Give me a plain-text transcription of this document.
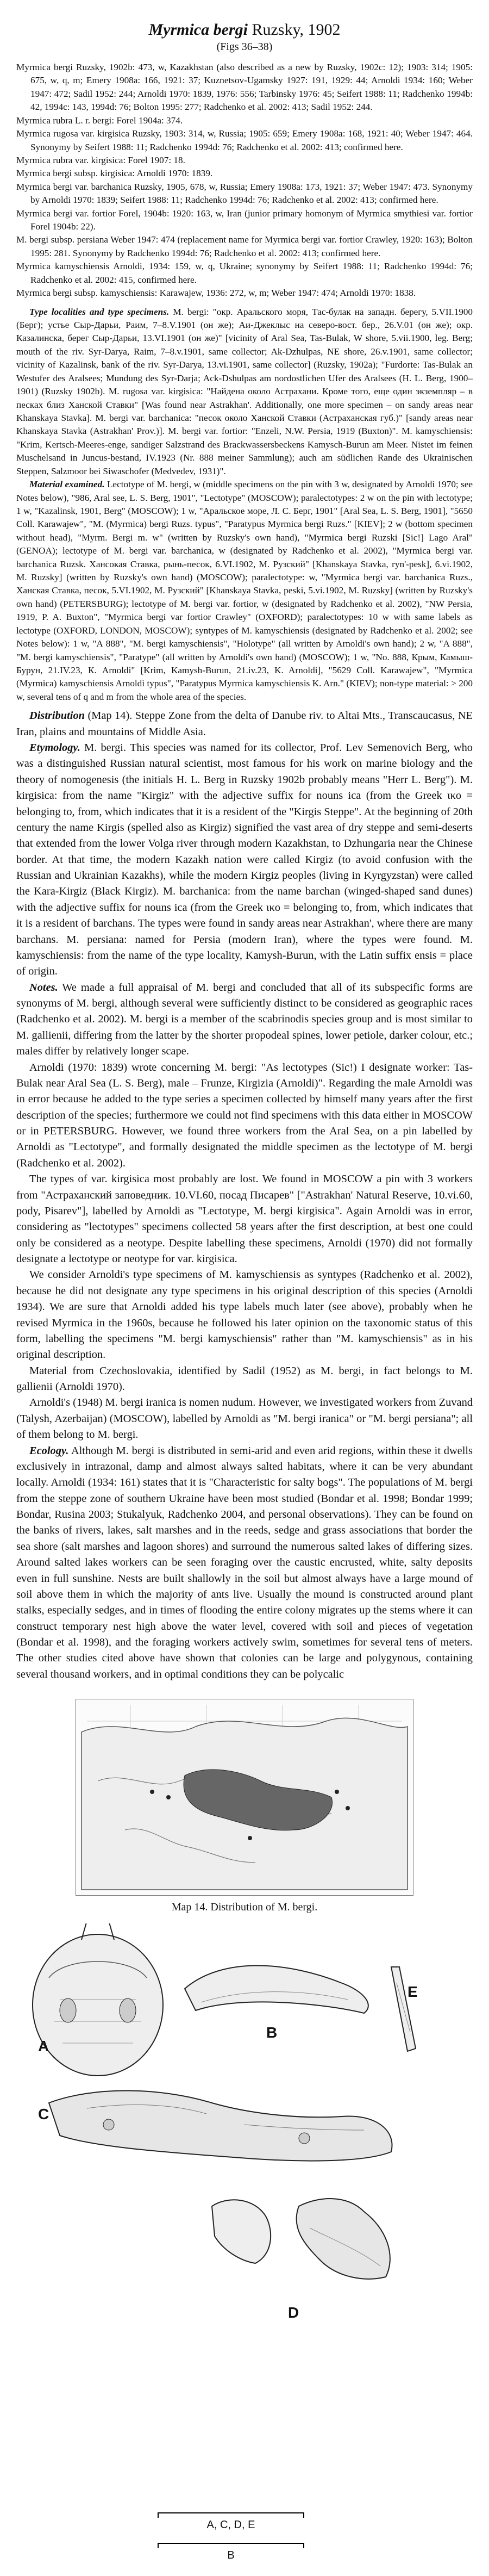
Myrmica bergi Ruzsky, 1902
(Figs 36–38)

Myrmica bergi Ruzsky, 1902b: 473, w, Kazakhstan (also described as a new by Ruzsky, 1902c: 12); 1903: 314; 1905: 675, w, q, m; Emery 1908a: 166, 1921: 37; Kuznetsov-Ugamsky 1927: 191, 1929: 44; Arnoldi 1934: 160; Weber 1947: 472; Sadil 1952: 244; Arnoldi 1970: 1839, 1976: 556; Tarbinsky 1976: 45; Seifert 1988: 11; Radchenko 1994b: 42, 1994c: 143, 1994d: 76; Bolton 1995: 277; Radchenko et al. 2002: 413; Sadil 1952: 244.

Myrmica rubra L. r. bergi: Forel 1904a: 374.

Myrmica rugosa var. kirgisica Ruzsky, 1903: 314, w, Russia; 1905: 659; Emery 1908a: 168, 1921: 40; Weber 1947: 464. Synonymy by Seifert 1988: 11; Radchenko 1994d: 76; Radchenko et al. 2002: 413; confirmed here.

Myrmica rubra var. kirgisica: Forel 1907: 18.

Myrmica bergi subsp. kirgisica: Arnoldi 1970: 1839.

Myrmica bergi var. barchanica Ruzsky, 1905, 678, w, Russia; Emery 1908a: 173, 1921: 37; Weber 1947: 473. Synonymy by Arnoldi 1970: 1839; Seifert 1988: 11; Radchenko 1994d: 76; Radchenko et al. 2002: 413; confirmed here.

Myrmica bergi var. fortior Forel, 1904b: 1920: 163, w, Iran (junior primary homonym of Myrmica smythiesi var. fortior Forel 1904b: 22).

M. bergi subsp. persiana Weber 1947: 474 (replacement name for Myrmica bergi var. fortior Crawley, 1920: 163); Bolton 1995: 281. Synonymy by Radchenko 1994d: 76; Radchenko et al. 2002: 413; confirmed here.

Myrmica kamyschiensis Arnoldi, 1934: 159, w, q, Ukraine; synonymy by Seifert 1988: 11; Radchenko 1994d: 76; Radchenko et al. 2002: 415, confirmed here.

Myrmica bergi subsp. kamyschiensis: Karawajew, 1936: 272, w, m; Weber 1947: 474; Arnoldi 1970: 1838.

Type localities and type specimens. M. bergi: "окр. Аральского моря, Тас-булак на западн. берегу, 5.VII.1900 (Берг); устье Сыр-Дарьи, Раим, 7–8.V.1901 (он же); Аи-Джеклыс на северо-вост. бер., 26.V.01 (он же); окр. Казалинска, берег Сыр-Дарьи, 13.VI.1901 (он же)" [vicinity of Aral Sea, Tas-Bulak, W shore, 5.vii.1900, leg. Berg; mouth of the riv. Syr-Darya, Raim, 7–8.v.1901, same collector; Ak-Dzhulpas, NE shore, 26.v.1901, same collector; vicinity of Kazalinsk, bank of the riv. Syr-Darya, 13.vi.1901, same collector] (Ruzsky, 1902a); "Furdorte: Tas-Bulak an Westufer des Aralsees; Mundung des Syr-Darja; Ack-Dshulpas am nordostlichen Ufer des Aralsees (H. L. Berg, 1900–1901) (Ruzsky 1902b). M. rugosa var. kirgisica: "Найдена около Астрахани. Кроме того, еще один экземпляр – в песках близ Ханской Ставки" [Was found near Astrakhan'. Additionally, one more specimen – on sandy areas near Khanskaya Stavka]. M. bergi var. barchanica: "песок около Ханской Ставки (Астраханская губ.)" [sandy areas near Khanskaya Stavka (Astrakhan' Prov.)]. M. bergi var. fortior: "Enzeli, N.W. Persia, 1919 (Buxton)". M. kamyschiensis: "Krim, Kertsch-Meeres-enge, sandiger Salzstrand des Brackwassersbeckens Kamysch-Burun am Meer. Nistet im feinen Muschelsand in Juncus-bestand, IV.1923 (Nr. 888 meiner Sammlung); auch am südlichen Rande des Ukrainischen Steppen, Salzmoor bei Siwaschofer (Medvedev, 1931)".

Material examined. Lectotype of M. bergi, w (middle specimens on the pin with 3 w, designated by Arnoldi 1970; see Notes below), "986, Aral see, L. S. Berg, 1901", "Lectotype" (MOSCOW); paralectotypes: 2 w on the pin with lectotype; 1 w, "Kazalinsk, 1901, Berg" (MOSCOW); 1 w, "Аральское море, Л. С. Берг, 1901" [Aral Sea, L. S. Berg, 1901], "5650 Coll. Karawajew", "M. (Myrmica) bergi Ruzs. typus", "Paratypus Myrmica bergi Ruzs." [KIEV]; 2 w (bottom specimen without head), "Myrm. Bergi m. w" (written by Ruzsky's own hand), "Myrmica bergi Ruzski [Sic!] Lago Aral" (GENOA); lectotype of M. bergi var. barchanica, w (designated by Radchenko et al. 2002), "Myrmica bergi var. barchanica Ruzsk. Хансокая Ставка, рынь-песок, 6.VI.1902, М. Рузский" [Khanskaya Stavka, ryn'-pesk], 6.vi.1902, M. Ruzsky] (written by Ruzsky's own hand) (MOSCOW); paralectotype: w, "Myrmica bergi var. barchanica Ruzs., Ханская Ставка, песок, 5.VI.1902, М. Рузский" [Khanskaya Stavka, peski, 5.vi.1902, M. Ruzsky] (written by Ruzsky's own hand) (PETERSBURG); lectotype of M. bergi var. fortior, w (designated by Radchenko et al. 2002), "NW Persia, 1919, P. A. Buxton", "Myrmica bergi var fortior Crawley" (OXFORD); paralectotypes: 10 w with same labels as lectotype (OXFORD, LONDON, MOSCOW); syntypes of M. kamyschiensis (designated by Radchenko et al. 2002; see Notes below): 1 w, "A 888", "M. bergi kamyschiensis", "Holotype" (all written by Arnoldi's own hand); 2 w, "A 888", "M. bergi kamyschiensis", "Paratype" (all written by Arnoldi's own hand) (MOSCOW); 1 w, "No. 888, Крым, Камыш-Бурун, 21.IV.23, К. Arnoldi" [Krim, Kamysh-Burun, 21.iv.23, K. Arnoldi], "5629 Coll. Karawajew", "Myrmica (Myrmica) kamyschiensis Arnoldi typus", "Paratypus Myrmica kamyschiensis K. Arn." (KIEV); non-type material: > 200 w, several tens of q and m from the whole area of the species.

Distribution (Map 14). Steppe Zone from the delta of Danube riv. to Altai Mts., Transcaucasus, NE Iran, plains and mountains of Middle Asia.

Etymology. M. bergi. This species was named for its collector, Prof. Lev Semenovich Berg, who was a distinguished Russian natural scientist, most famous for his work on marine biology and the theory of nomogenesis (the initials H. L. Berg in Ruzsky 1902b probably means "Herr L. Berg"). M. kirgisica: from the name "Kirgiz" with the adjective suffix for nouns ica (from the Greek ικo = belonging to, from, which indicates that it is a resident of the "Kirgis Steppe". At the beginning of 20th century the name Kirgis (spelled also as Kirgiz) signified the vast area of dry steppe and semi-deserts that extended from the lower Volga river through modern Kazakhstan, to Dzhungaria near the Chinese border. At that time, the modern Kazakh nation were called Kirgiz (to avoid confusion with the Russian and Ukrainian Kazakhs), while the modern Kirgiz peoples (living in Kyrgyzstan) were called the Kara-Kirgiz (Black Kirgiz). M. barchanica: from the name barchan (winged-shaped sand dunes) with the adjective suffix for nouns ica (from the Greek ικo = belonging to, from, which indicates that it is a resident of barchans. The types were found in sandy areas near Astrakhan', where there are many barchans. M. persiana: named for Persia (modern Iran), where the types were found. M. kamyschiensis: from the name of the type locality, Kamysh-Burun, with the Latin suffix ensis = place of origin.

Notes. We made a full appraisal of M. bergi and concluded that all of its subspecific forms are synonyms of M. bergi, although several were sufficiently distinct to be considered as geographic races (Radchenko et al. 2002). M. bergi is a member of the scabrinodis species group and is most similar to M. gallienii, differing from the latter by the shorter propodeal spines, lower petiole, darker colour, etc.; males differ by relatively longer scape.

Arnoldi (1970: 1839) wrote concerning M. bergi: "As lectotypes (Sic!) I designate worker: Tas-Bulak near Aral Sea (L. S. Berg), male – Frunze, Kirgizia (Arnoldi)". Regarding the male Arnoldi was in error because he added to the type series a specimen collected by himself many years after the first description of the species; furthermore we could not find specimens with this data either in MOSCOW or in PETERSBURG. However, we found three workers from the Aral Sea, on a pin labelled by Arnoldi as "Lectotype", and formally designated the middle specimen as the lectotype of M. bergi (Radchenko et al. 2002).

The types of var. kirgisica most probably are lost. We found in MOSCOW a pin with 3 workers from "Астраханский заповедник. 10.VI.60, посад Писарев" ["Astrakhan' Natural Reserve, 10.vi.60, pody, Pisarev"], labelled by Arnoldi as "Lectotype, M. bergi kirgisica". Again Arnoldi was in error, considering as "lectotypes" specimens collected 58 years after the first description, at best one could only be considered as a neotype. Despite labelling these specimens, Arnoldi (1970) did not formally designate a lectotype or neotype for var. kirgisica.

We consider Arnoldi's type specimens of M. kamyschiensis as syntypes (Radchenko et al. 2002), because he did not designate any type specimens in his original description of this species (Arnoldi 1934). We are sure that Arnoldi added his type labels much later (see above), probably when he revised Myrmica in the 1960s, because he followed his later opinion on the taxonomic status of this form, labelling the specimens "M. bergi kamyschiensis" rather than "M. kamyschiensis" as in his original description.

Material from Czechoslovakia, identified by Sadil (1952) as M. bergi, in fact belongs to M. gallienii (Arnoldi 1970).

Arnoldi's (1948) M. bergi iranica is nomen nudum. However, we investigated workers from Zuvand (Talysh, Azerbaijan) (MOSCOW), labelled by Arnoldi as "M. bergi iranica" or "M. bergi persiana"; all of them belong to M. bergi.

Ecology. Although M. bergi is distributed in semi-arid and even arid regions, within these it dwells exclusively in intrazonal, damp and almost always salted habitats, where it can be very abundant locally. Arnoldi (1934: 161) states that it is "Characteristic for salty bogs". The populations of M. bergi from the steppe zone of southern Ukraine have been most studied (Bondar et al. 1998; Bondar 1999; Bondar, Rusina 2003; Stukalyuk, Radchenko 2004, and personal observations). They can be found on the banks of rivers, lakes, salt marshes and in the reeds, sedge and grass associations that border the sea shore (salt marshes and lagoon shores) and surround the numerous salted lakes of differing sizes. Around salted lakes workers can be seen foraging over the caustic encrusted, white, salty deposits even in full sunshine. Nests are built shallowly in the soil but almost always have a large mound of soil above them in which the majority of ants live. Usually the mound is constructed around plant stalks, especially sedges, and in times of flooding the entire colony migrates up the stems where it can construct temporary nest high above the water level, covered with soil and pieces of vegetation (Bondar et al. 1998), and the foraging workers actively swim, sometimes for several tens of meters. The other studies cited above have shown that colonies can be large and polygynous, containing several thousand workers, and in optimal conditions they can be polycalic

Map 14. Distribution of M. bergi.
A
B
C
D
E
A, C, D, E
B
